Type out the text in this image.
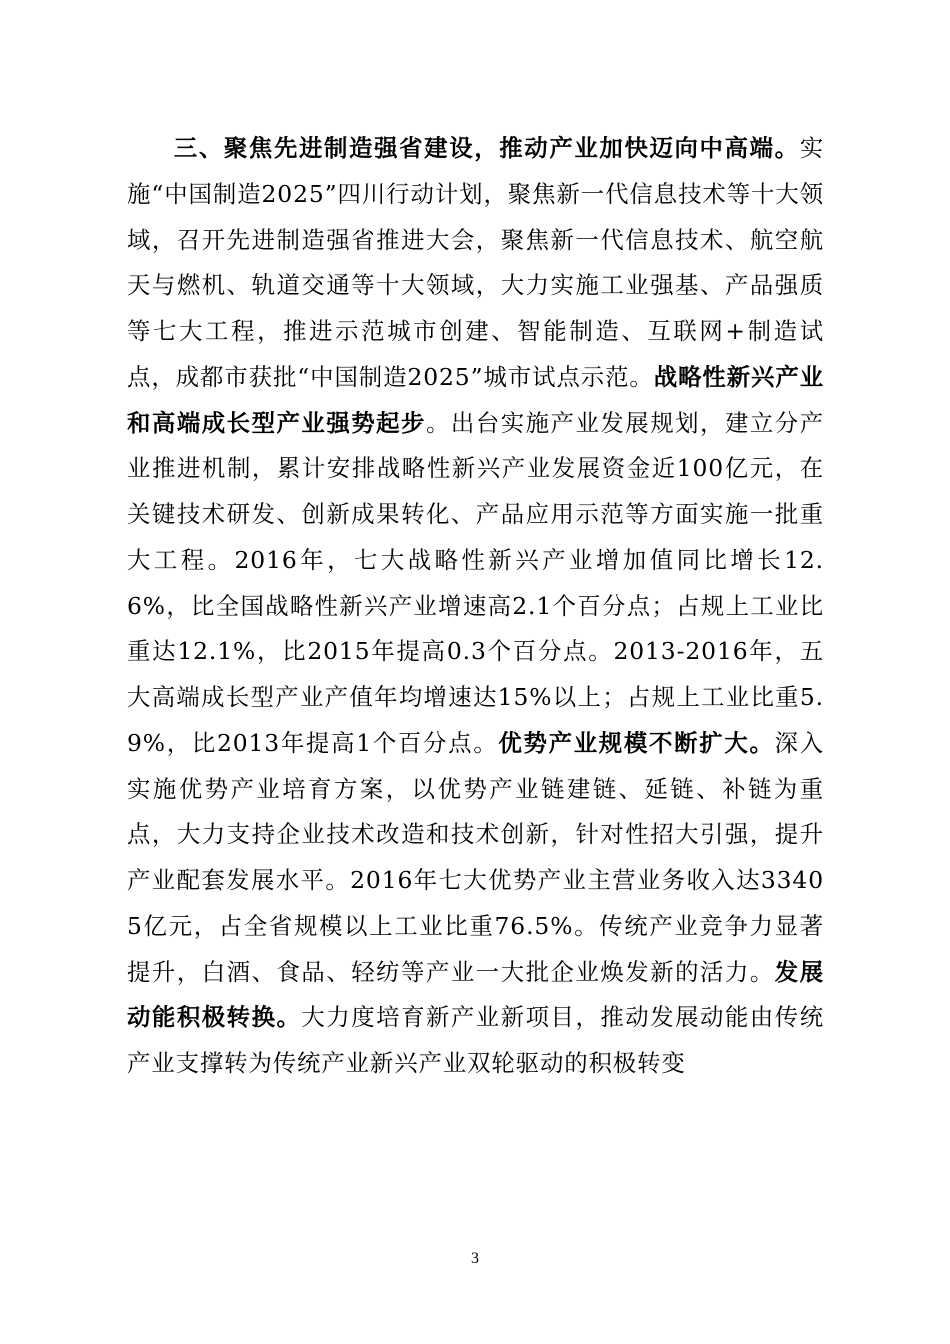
三、聚焦先进制造强省建设，推动产业加快迈向中高端。实施“中国制造2025”四川行动计划，聚焦新一代信息技术等十大领域，召开先进制造强省推进大会，聚焦新一代信息技术、航空航天与燃机、轨道交通等十大领域，大力实施工业强基、产品强质等七大工程，推进示范城市创建、智能制造、互联网+制造试点，成都市获批“中国制造2025”城市试点示范。战略性新兴产业和高端成长型产业强势起步。出台实施产业发展规划，建立分产业推进机制，累计安排战略性新兴产业发展资金近100亿元，在关键技术研发、创新成果转化、产品应用示范等方面实施一批重大工程。2016年，七大战略性新兴产业增加值同比增长12.6%，比全国战略性新兴产业增速高2.1个百分点；占规上工业比重达12.1%，比2015年提高0.3个百分点。2013-2016年，五大高端成长型产业产值年均增速达15%以上；占规上工业比重5.9%，比2013年提高1个百分点。优势产业规模不断扩大。深入实施优势产业培育方案，以优势产业链建链、延链、补链为重点，大力支持企业技术改造和技术创新，针对性招大引强，提升产业配套发展水平。2016年七大优势产业主营业务收入达33405亿元，占全省规模以上工业比重76.5%。传统产业竞争力显著提升，白酒、食品、轻纺等产业一大批企业焕发新的活力。发展动能积极转换。大力度培育新产业新项目，推动发展动能由传统产业支撑转为传统产业新兴产业双轮驱动的积极转变

3
